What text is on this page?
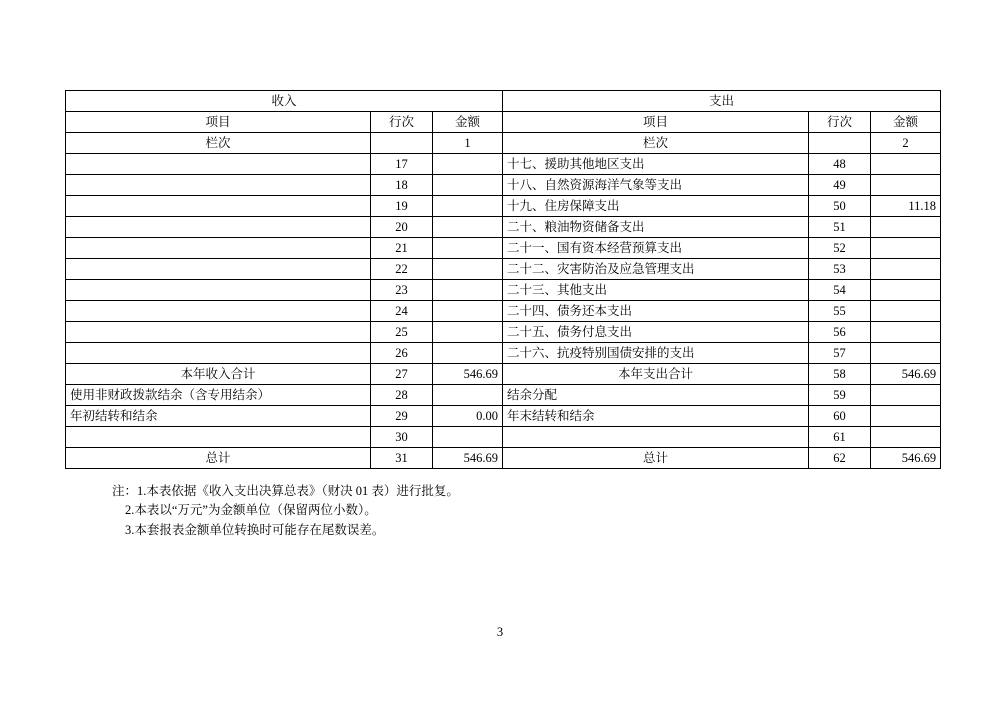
收入			支出		
项目	行次	金额	项目	行次	金额
栏次		1	栏次		2
	17		十七、援助其他地区支出	48	
	18		十八、自然资源海洋气象等支出	49	
	19		十九、住房保障支出	50	11.18
	20		二十、粮油物资储备支出	51	
	21		二十一、国有资本经营预算支出	52	
	22		二十二、灾害防治及应急管理支出	53	
	23		二十三、其他支出	54	
	24		二十四、债务还本支出	55	
	25		二十五、债务付息支出	56	
	26		二十六、抗疫特别国债安排的支出	57	
本年收入合计	27	546.69	本年支出合计	58	546.69
使用非财政拨款结余（含专用结余）	28		结余分配	59	
年初结转和结余	29	0.00	年末结转和结余	60	
	30			61	
总计	31	546.69	总计	62	546.69
注：1.本表依据《收入支出决算总表》（财决 01 表）进行批复。
2.本表以“万元”为金额单位（保留两位小数）。
3.本套报表金额单位转换时可能存在尾数误差。
3
